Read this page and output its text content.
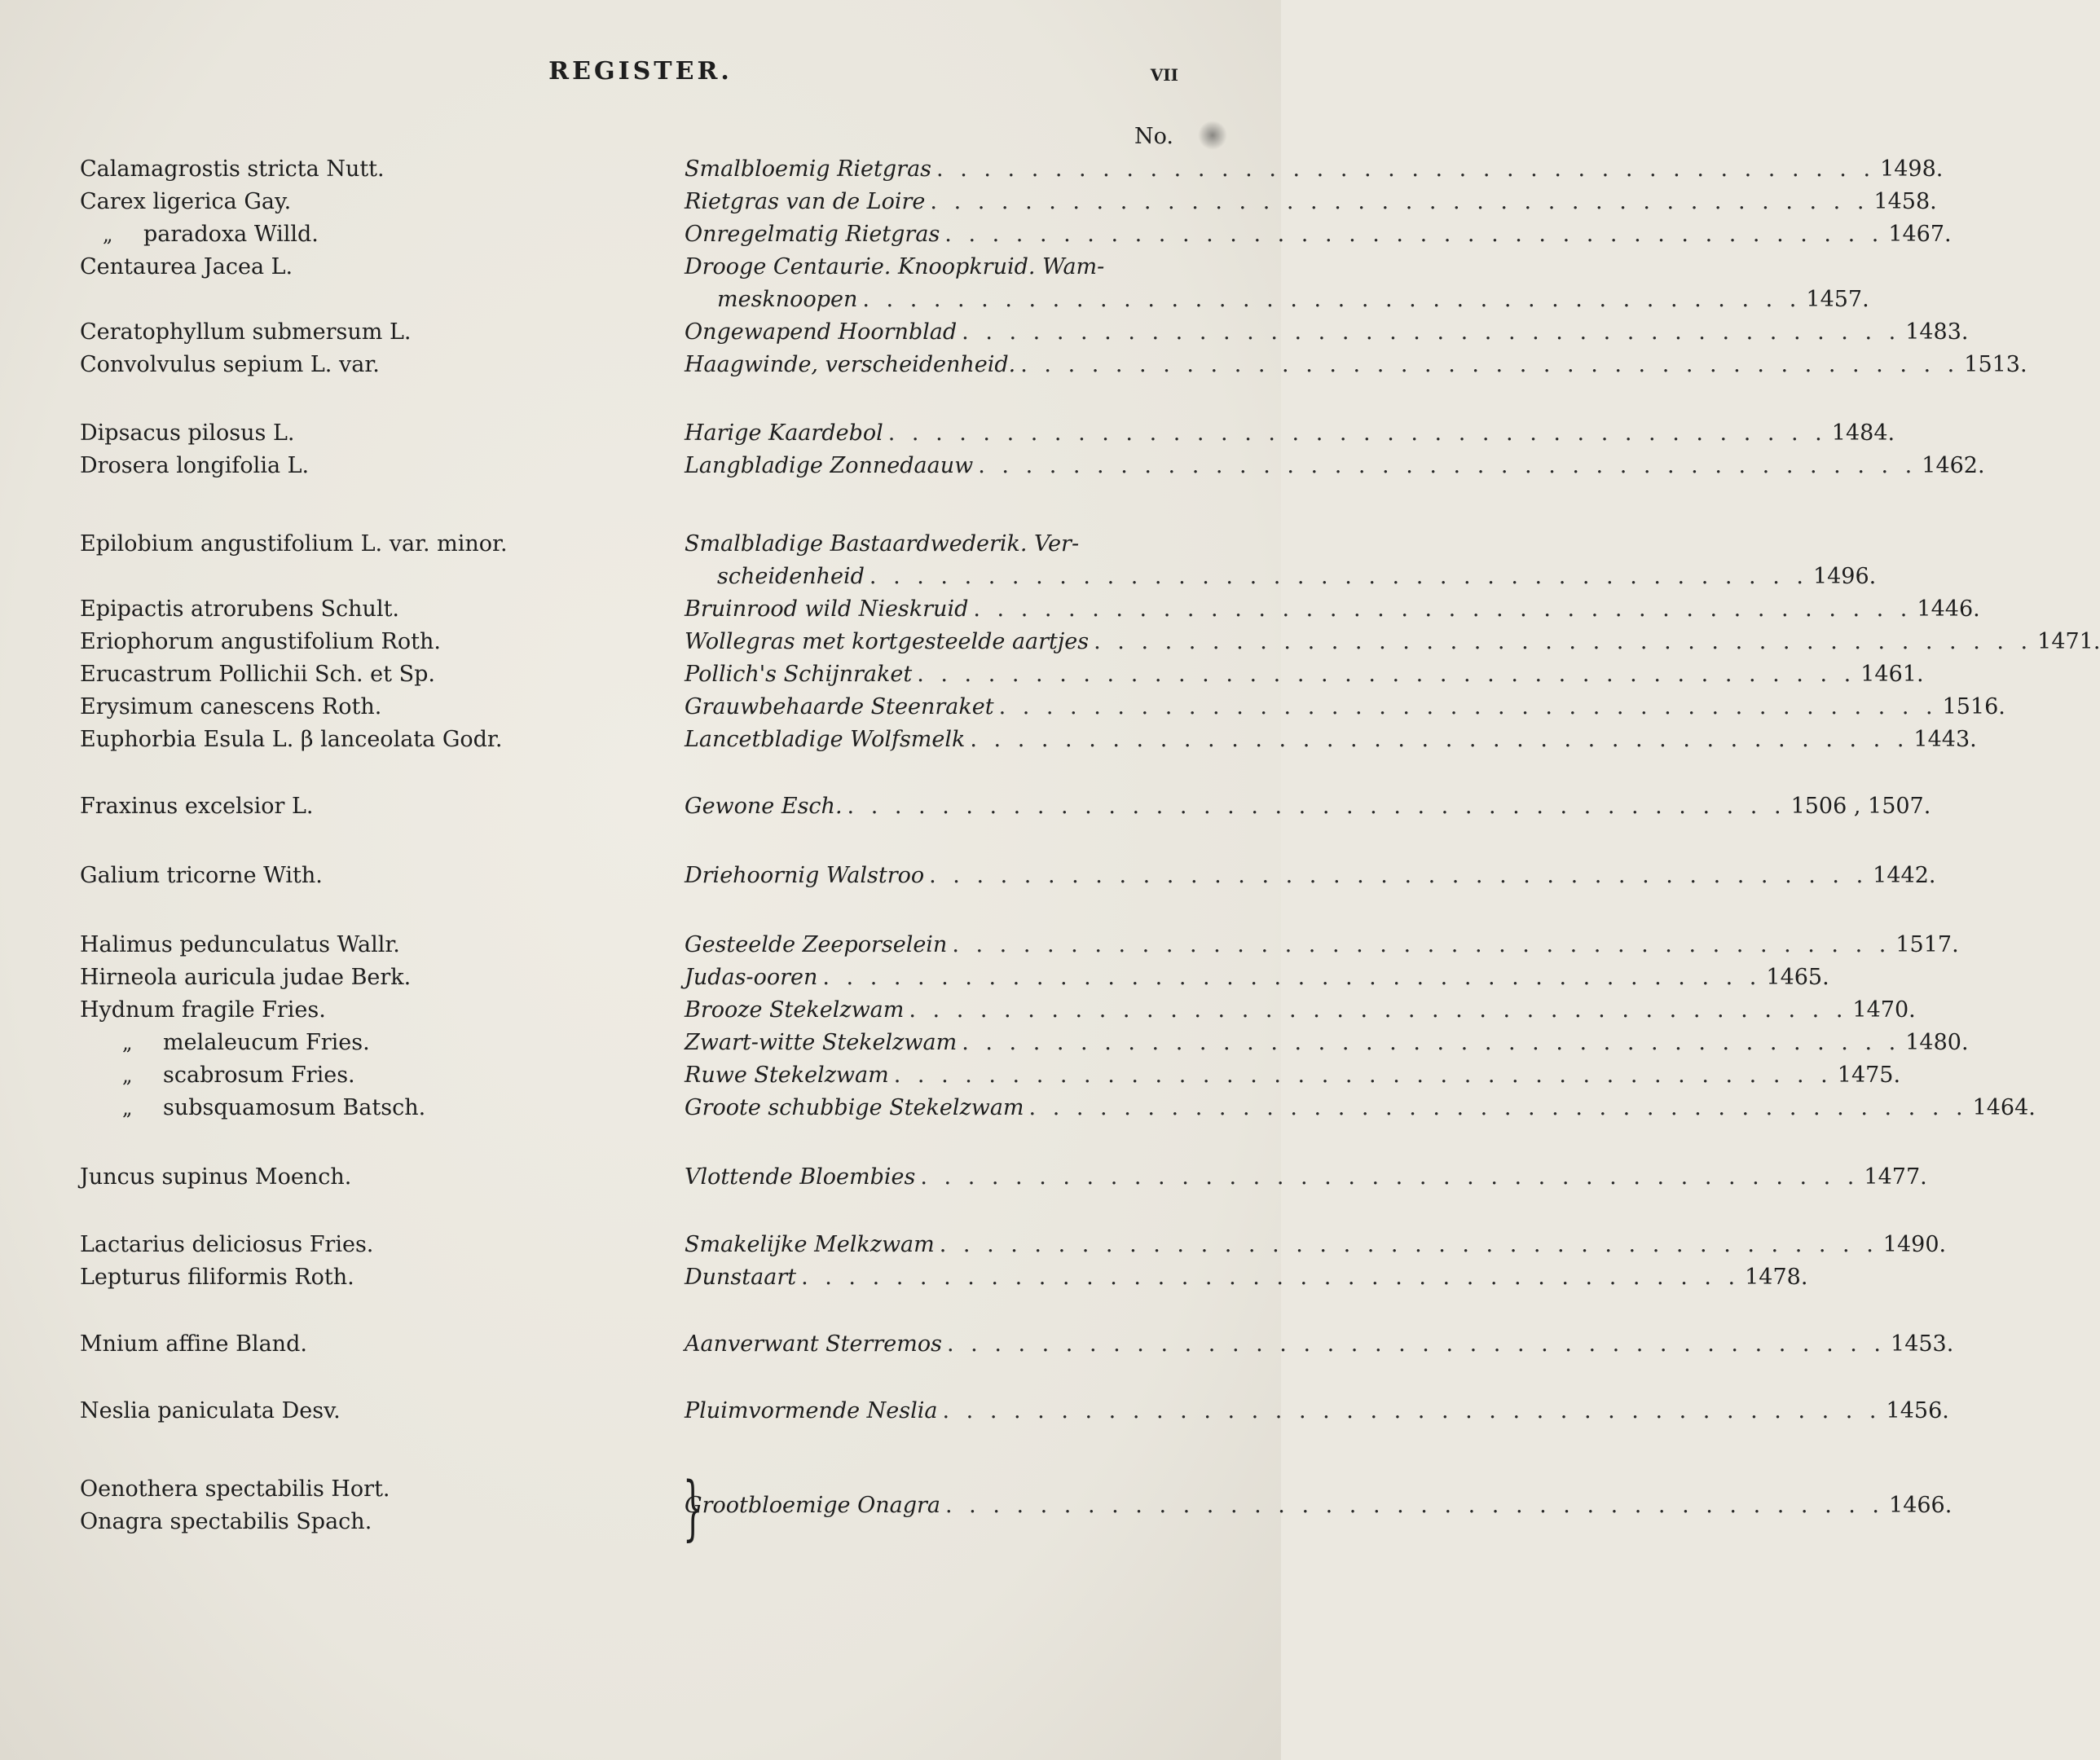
REGISTER.	VII
No.
Calamagrostis stricta Nutt.	Smalbloemig Rietgras . . . . . . . . . . . . . . . . . . . . . . . . . . . . . . . . . . . . . . . . 1498.
Carex ligerica Gay.	Rietgras van de Loire . . . . . . . . . . . . . . . . . . . . . . . . . . . . . . . . . . . . . . . . 1458.
„ paradoxa Willd.	Onregelmatig Rietgras . . . . . . . . . . . . . . . . . . . . . . . . . . . . . . . . . . . . . . . . 1467.
Centaurea Jacea L.	Drooge Centaurie. Knoopkruid. Wam-
mesknoopen . . . . . . . . . . . . . . . . . . . . . . . . . . . . . . . . . . . . . . . . 1457.
Ceratophyllum submersum L.	Ongewapend Hoornblad . . . . . . . . . . . . . . . . . . . . . . . . . . . . . . . . . . . . . . . . 1483.
Convolvulus sepium L. var.	Haagwinde, verscheidenheid. . . . . . . . . . . . . . . . . . . . . . . . . . . . . . . . . . . . . . . . . 1513.
Dipsacus pilosus L.	Harige Kaardebol . . . . . . . . . . . . . . . . . . . . . . . . . . . . . . . . . . . . . . . . 1484.
Drosera longifolia L.	Langbladige Zonnedaauw . . . . . . . . . . . . . . . . . . . . . . . . . . . . . . . . . . . . . . . . 1462.
Epilobium angustifolium L. var. minor.	Smalbladige Bastaardwederik. Ver-
scheidenheid . . . . . . . . . . . . . . . . . . . . . . . . . . . . . . . . . . . . . . . . 1496.
Epipactis atrorubens Schult.	Bruinrood wild Nieskruid . . . . . . . . . . . . . . . . . . . . . . . . . . . . . . . . . . . . . . . . 1446.
Eriophorum angustifolium Roth.	Wollegras met kortgesteelde aartjes . . . . . . . . . . . . . . . . . . . . . . . . . . . . . . . . . . . . . . . . 1471.
Erucastrum Pollichii Sch. et Sp.	Pollich's Schijnraket . . . . . . . . . . . . . . . . . . . . . . . . . . . . . . . . . . . . . . . . 1461.
Erysimum canescens Roth.	Grauwbehaarde Steenraket . . . . . . . . . . . . . . . . . . . . . . . . . . . . . . . . . . . . . . . . 1516.
Euphorbia Esula L. β lanceolata Godr.	Lancetbladige Wolfsmelk . . . . . . . . . . . . . . . . . . . . . . . . . . . . . . . . . . . . . . . . 1443.
Fraxinus excelsior L.	Gewone Esch. . . . . . . . . . . . . . . . . . . . . . . . . . . . . . . . . . . . . . . . . 1506 , 1507.
Galium tricorne With.	Driehoornig Walstroo . . . . . . . . . . . . . . . . . . . . . . . . . . . . . . . . . . . . . . . . 1442.
Halimus pedunculatus Wallr.	Gesteelde Zeeporselein . . . . . . . . . . . . . . . . . . . . . . . . . . . . . . . . . . . . . . . . 1517.
Hirneola auricula judae Berk.	Judas-ooren . . . . . . . . . . . . . . . . . . . . . . . . . . . . . . . . . . . . . . . . 1465.
Hydnum fragile Fries.	Brooze Stekelzwam . . . . . . . . . . . . . . . . . . . . . . . . . . . . . . . . . . . . . . . . 1470.
„ melaleucum Fries.	Zwart-witte Stekelzwam . . . . . . . . . . . . . . . . . . . . . . . . . . . . . . . . . . . . . . . . 1480.
„ scabrosum Fries.	Ruwe Stekelzwam . . . . . . . . . . . . . . . . . . . . . . . . . . . . . . . . . . . . . . . . 1475.
„ subsquamosum Batsch.	Groote schubbige Stekelzwam . . . . . . . . . . . . . . . . . . . . . . . . . . . . . . . . . . . . . . . . 1464.
Juncus supinus Moench.	Vlottende Bloembies . . . . . . . . . . . . . . . . . . . . . . . . . . . . . . . . . . . . . . . . 1477.
Lactarius deliciosus Fries.	Smakelijke Melkzwam . . . . . . . . . . . . . . . . . . . . . . . . . . . . . . . . . . . . . . . . 1490.
Lepturus filiformis Roth.	Dunstaart . . . . . . . . . . . . . . . . . . . . . . . . . . . . . . . . . . . . . . . . 1478.
Mnium affine Bland.	Aanverwant Sterremos . . . . . . . . . . . . . . . . . . . . . . . . . . . . . . . . . . . . . . . . 1453.
Neslia paniculata Desv.	Pluimvormende Neslia . . . . . . . . . . . . . . . . . . . . . . . . . . . . . . . . . . . . . . . . 1456.
Oenothera spectabilis Hort.
Onagra spectabilis Spach.
Grootbloemige Onagra . . . . . . . . . . . . . . . . . . . . . . . . . . . . . . . . . . . . . . . . 1466.
}
